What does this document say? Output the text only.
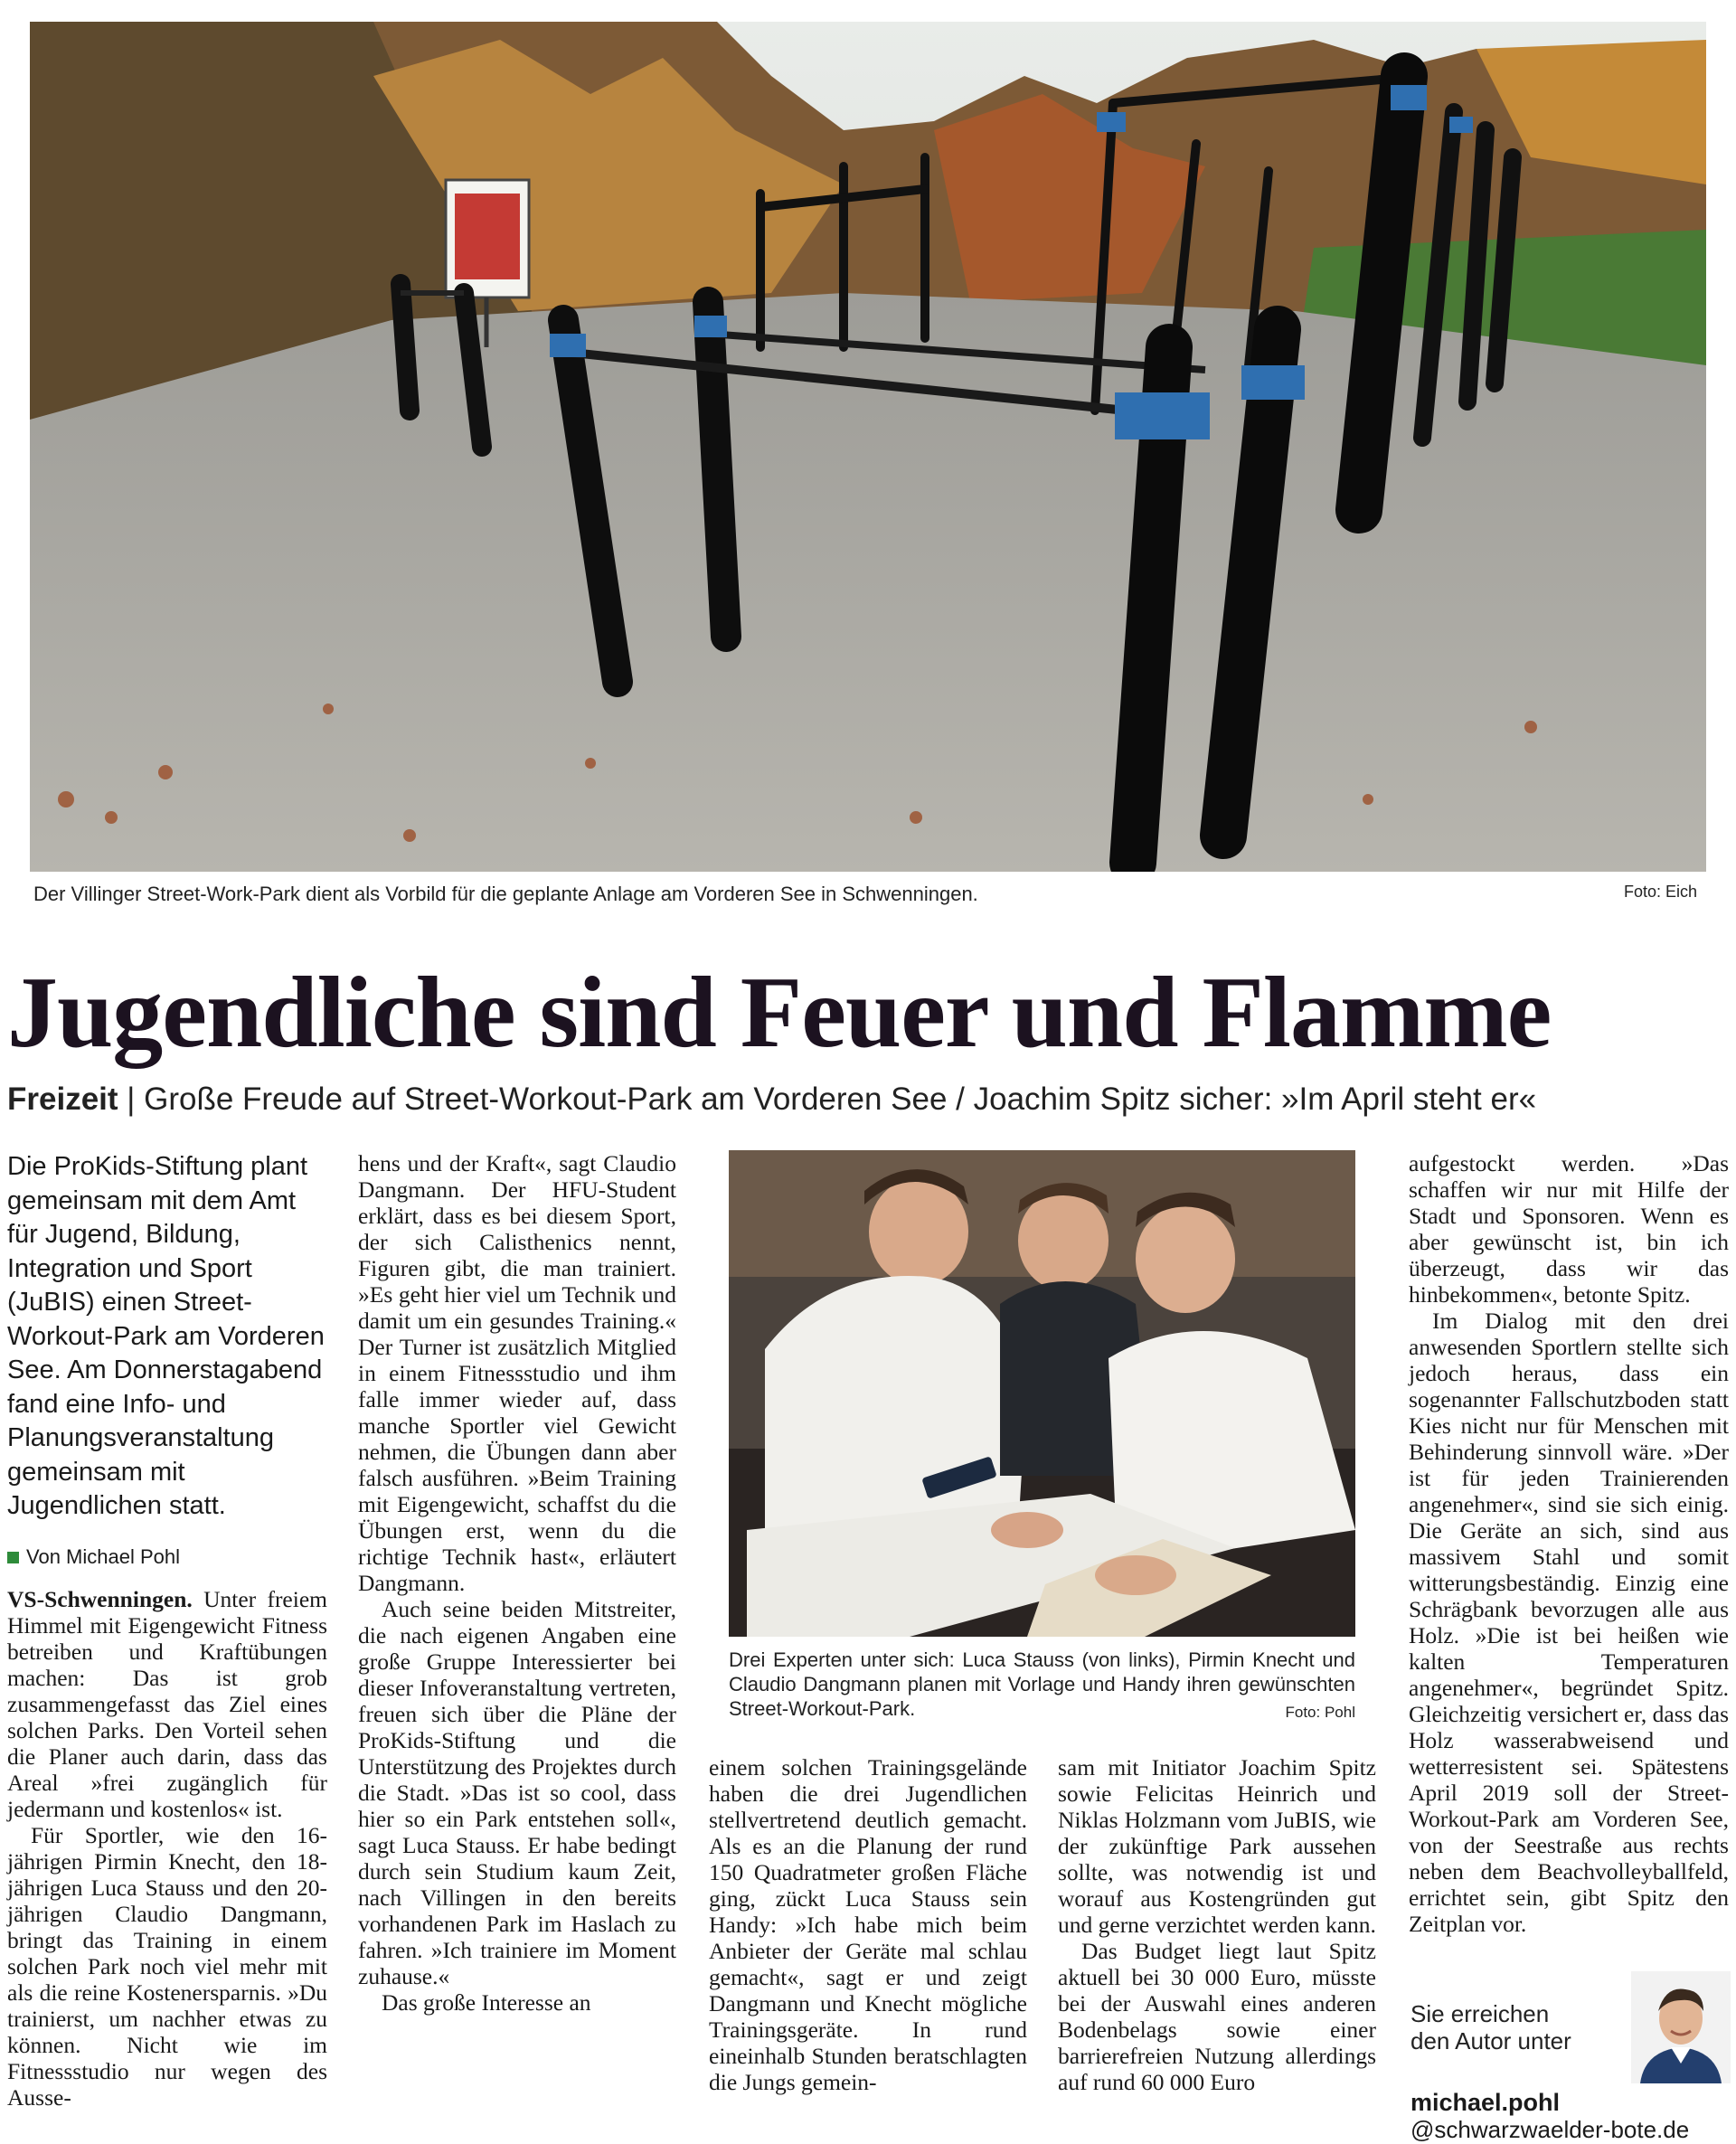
Der Villinger Street-Work-Park dient als Vorbild für die geplante Anlage am Vorderen See in Schwenningen.	Foto: Eich
Jugendliche sind Feuer und Flamme
Freizeit | Große Freude auf Street-Workout-Park am Vorderen See / Joachim Spitz sicher: »Im April steht er«
Die ProKids-Stiftung plant gemeinsam mit dem Amt für Jugend, Bildung, Integration und Sport (JuBIS) einen Street-Workout-Park am Vorderen See. Am Donnerstagabend fand eine Info- und Planungsveranstaltung gemeinsam mit Jugendlichen statt.
Von Michael Pohl

VS-Schwenningen. Unter freiem Himmel mit Eigengewicht Fitness betreiben und Kraftübungen machen: Das ist grob zusammengefasst das Ziel eines solchen Parks. Den Vorteil sehen die Planer auch darin, dass das Areal »frei zugänglich für jedermann und kostenlos« ist.

Für Sportler, wie den 16-jährigen Pirmin Knecht, den 18-jährigen Luca Stauss und den 20-jährigen Claudio Dangmann, bringt das Training in einem solchen Park noch viel mehr mit als die reine Kostenersparnis. »Du trainierst, um nachher etwas zu können. Nicht wie im Fitnessstudio nur wegen des Ausse-

hens und der Kraft«, sagt Claudio Dangmann. Der HFU-Student erklärt, dass es bei diesem Sport, der sich Calisthenics nennt, Figuren gibt, die man trainiert. »Es geht hier viel um Technik und damit um ein gesundes Training.« Der Turner ist zusätzlich Mitglied in einem Fitnessstudio und ihm falle immer wieder auf, dass manche Sportler viel Gewicht nehmen, die Übungen dann aber falsch ausführen. »Beim Training mit Eigengewicht, schaffst du die Übungen erst, wenn du die richtige Technik hast«, erläutert Dangmann.

Auch seine beiden Mitstreiter, die nach eigenen Angaben eine große Gruppe Interessierter bei dieser Infoveranstaltung vertreten, freuen sich über die Pläne der ProKids-Stiftung und die Unterstützung des Projektes durch die Stadt. »Das ist so cool, dass hier so ein Park entstehen soll«, sagt Luca Stauss. Er habe bedingt durch sein Studium kaum Zeit, nach Villingen in den bereits vorhandenen Park im Haslach zu fahren. »Ich trainiere im Moment zuhause.«

Das große Interesse an

Drei Experten unter sich: Luca Stauss (von links), Pirmin Knecht und Claudio Dangmann planen mit Vorlage und Handy ihren gewünschten Street-Workout-Park.	Foto: Pohl

einem solchen Trainingsgelände haben die drei Jugendlichen stellvertretend deutlich gemacht. Als es an die Planung der rund 150 Quadratmeter großen Fläche ging, zückt Luca Stauss sein Handy: »Ich habe mich beim Anbieter der Geräte mal schlau gemacht«, sagt er und zeigt Dangmann und Knecht mögliche Trainingsgeräte. In rund eineinhalb Stunden beratschlagten die Jungs gemein-

sam mit Initiator Joachim Spitz sowie Felicitas Heinrich und Niklas Holzmann vom JuBIS, wie der zukünftige Park aussehen sollte, was notwendig ist und worauf aus Kostengründen gut und gerne verzichtet werden kann.

Das Budget liegt laut Spitz aktuell bei 30 000 Euro, müsste bei der Auswahl eines anderen Bodenbelags sowie einer barrierefreien Nutzung allerdings auf rund 60 000 Euro

aufgestockt werden. »Das schaffen wir nur mit Hilfe der Stadt und Sponsoren. Wenn es aber gewünscht ist, bin ich überzeugt, dass wir das hinbekommen«, betonte Spitz.

Im Dialog mit den drei anwesenden Sportlern stellte sich jedoch heraus, dass ein sogenannter Fallschutzboden statt Kies nicht nur für Menschen mit Behinderung sinnvoll wäre. »Der ist für jeden Trainierenden angenehmer«, sind sie sich einig. Die Geräte an sich, sind aus massivem Stahl und somit witterungsbeständig. Einzig eine Schrägbank bevorzugen alle aus Holz. »Die ist bei heißen wie kalten Temperaturen angenehmer«, begründet Spitz. Gleichzeitig versichert er, dass das Holz wasserabweisend und wetterresistent sei. Spätestens April 2019 soll der Street-Workout-Park am Vorderen See, von der Seestraße aus rechts neben dem Beachvolleyballfeld, errichtet sein, gibt Spitz den Zeitplan vor.

Sie erreichen
den Autor unter
michael.pohl
@schwarzwaelder-bote.de
